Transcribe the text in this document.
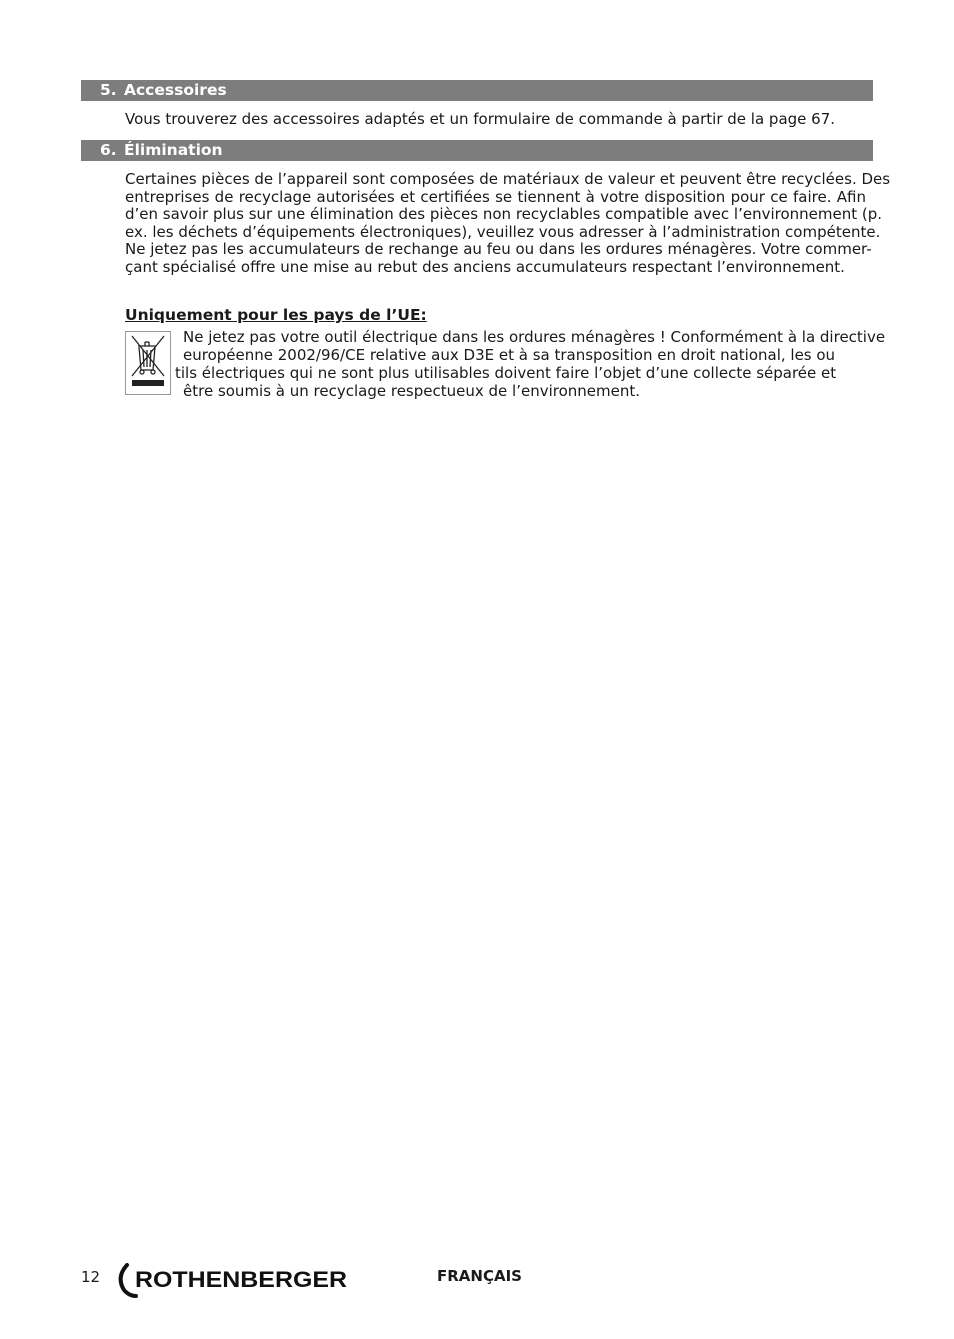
5. Accessoires

Vous trouverez des accessoires adaptés et un formulaire de commande à partir de la page 67.

6. Élimination

Certaines pièces de l’appareil sont composées de matériaux de valeur et peuvent être recyclées. Des
entreprises de recyclage autorisées et certifiées se tiennent à votre disposition pour ce faire. Afin
d’en savoir plus sur une élimination des pièces non recyclables compatible avec l’environnement (p.
ex. les déchets d’équipements électroniques), veuillez vous adresser à l’administration compétente.
Ne jetez pas les accumulateurs de rechange au feu ou dans les ordures ménagères. Votre commer-
çant spécialisé offre une mise au rebut des anciens accumulateurs respectant l’environnement.

Uniquement pour les pays de l’UE:

Ne jetez pas votre outil électrique dans les ordures ménagères ! Conformément à la directive

européenne 2002/96/CE relative aux D3E et à sa transposition en droit national, les ou

tils électriques qui ne sont plus utilisables doivent faire l’objet d’une collecte séparée et

être soumis à un recyclage respectueux de l’environnement.

12 ROTHENBERGER	FRANÇAIS
